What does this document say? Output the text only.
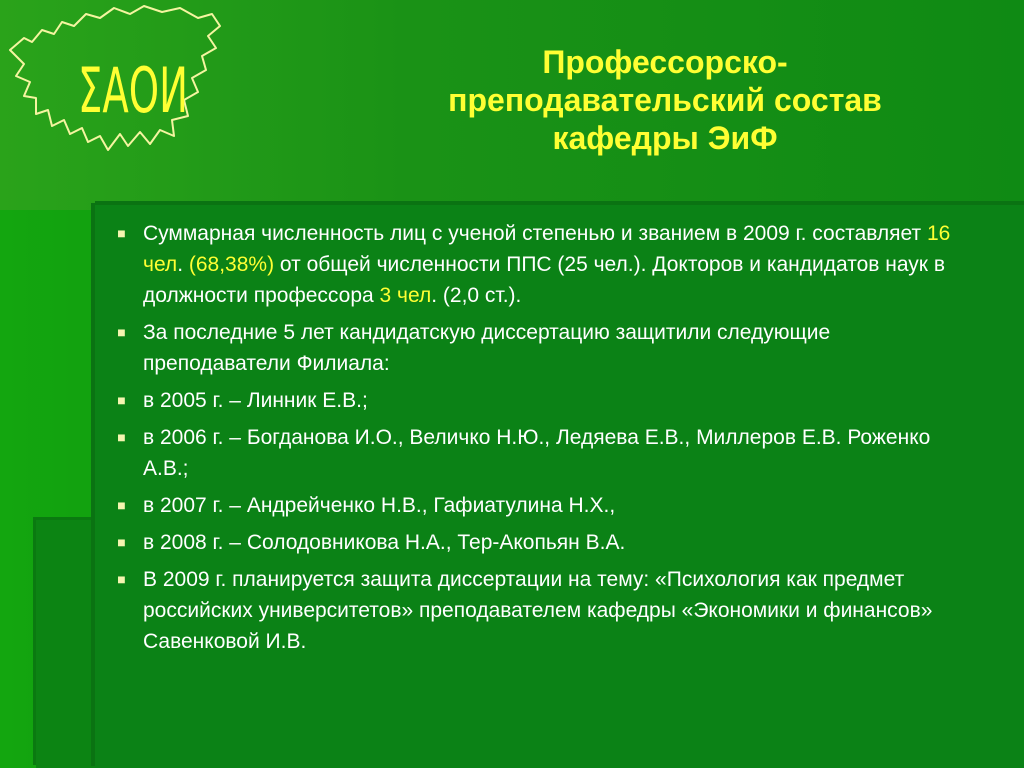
ΣАОИ	Профессорско-
преподавательский состав
кафедры ЭиФ
■ Суммарная численность лиц с ученой степенью и званием в 2009 г. составляет 16 чел. (68,38%) от общей численности ППС (25 чел.). Докторов и кандидатов наук в должности профессора 3 чел. (2,0 ст.).
■ За последние 5 лет кандидатскую диссертацию защитили следующие преподаватели Филиала:
■ в 2005 г. – Линник Е.В.;
■ в 2006 г. – Богданова И.О., Величко Н.Ю., Ледяева Е.В., Миллеров Е.В. Роженко А.В.;
■ в 2007 г. – Андрейченко Н.В., Гафиатулина Н.Х.,
■ в 2008 г. – Солодовникова Н.А., Тер-Акопьян В.А.
■ В 2009 г. планируется защита диссертации на тему: «Психология как предмет российских университетов» преподавателем кафедры «Экономики и финансов» Савенковой И.В.
